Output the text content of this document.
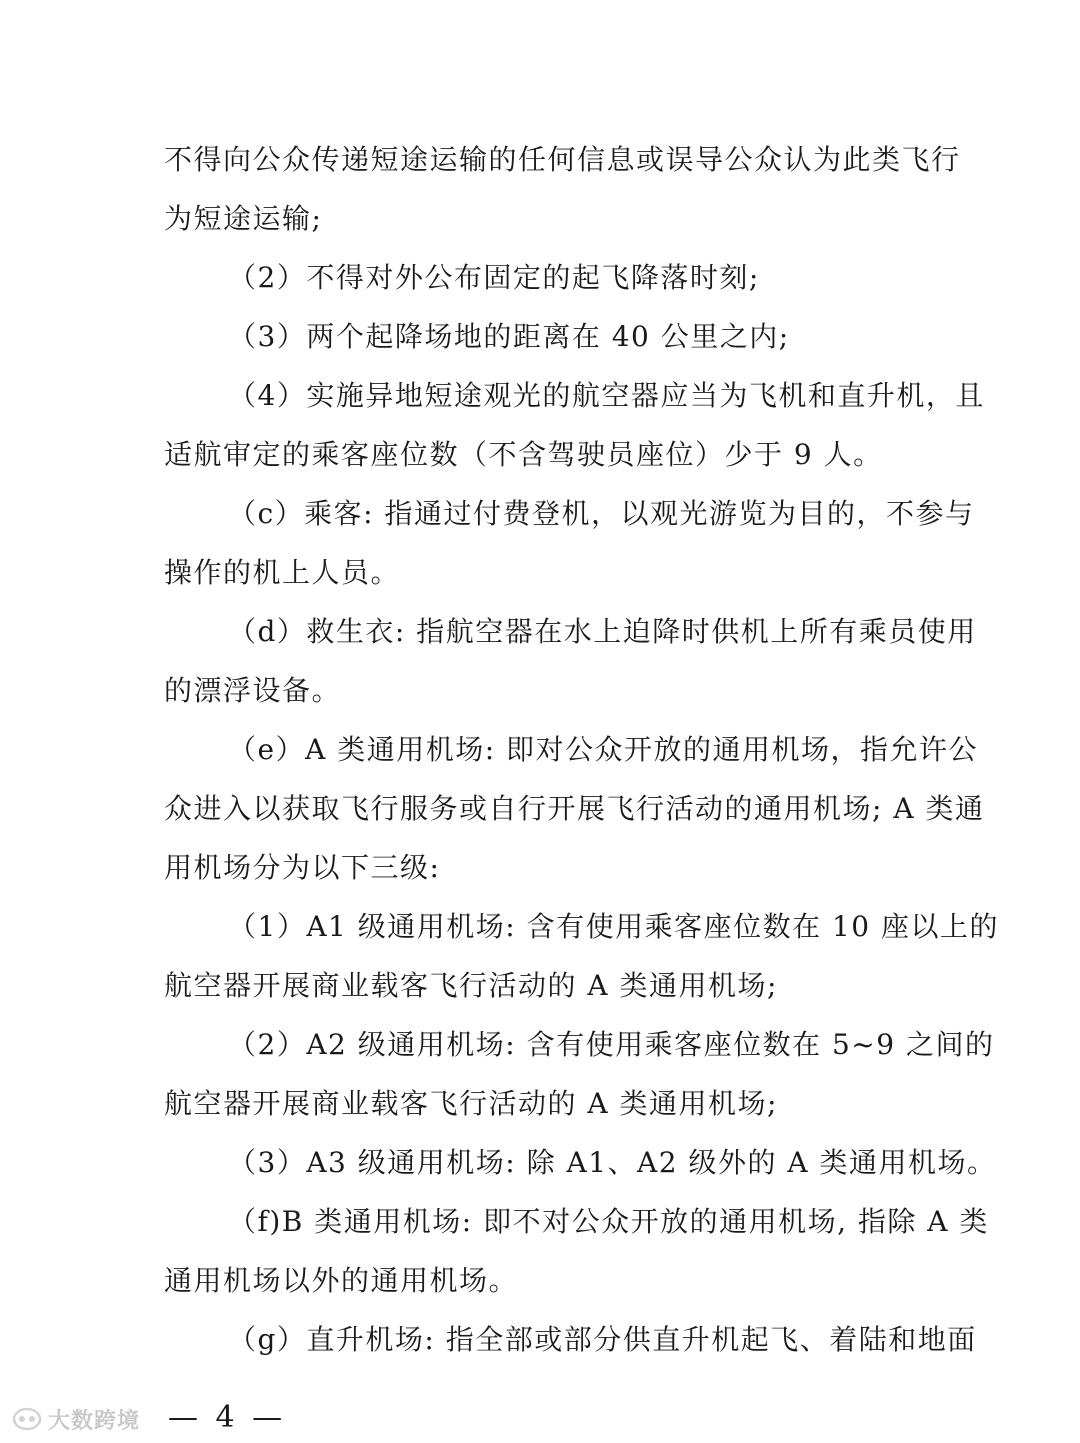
不得向公众传递短途运输的任何信息或误导公众认为此类飞行
为短途运输;
（2）不得对外公布固定的起飞降落时刻;
（3）两个起降场地的距离在 40 公里之内;
（4）实施异地短途观光的航空器应当为飞机和直升机，且
适航审定的乘客座位数（不含驾驶员座位）少于 9 人。
（c）乘客: 指通过付费登机，以观光游览为目的，不参与
操作的机上人员。
（d）救生衣: 指航空器在水上迫降时供机上所有乘员使用
的漂浮设备。
（e）A 类通用机场: 即对公众开放的通用机场，指允许公
众进入以获取飞行服务或自行开展飞行活动的通用机场; A 类通
用机场分为以下三级:
（1）A1 级通用机场: 含有使用乘客座位数在 10 座以上的
航空器开展商业载客飞行活动的 A 类通用机场;
（2）A2 级通用机场: 含有使用乘客座位数在 5~9 之间的
航空器开展商业载客飞行活动的 A 类通用机场;
（3）A3 级通用机场: 除 A1、A2 级外的 A 类通用机场。
（f)B 类通用机场: 即不对公众开放的通用机场, 指除 A 类
通用机场以外的通用机场。
（g）直升机场: 指全部或部分供直升机起飞、着陆和地面
大数跨境 — 4 —
